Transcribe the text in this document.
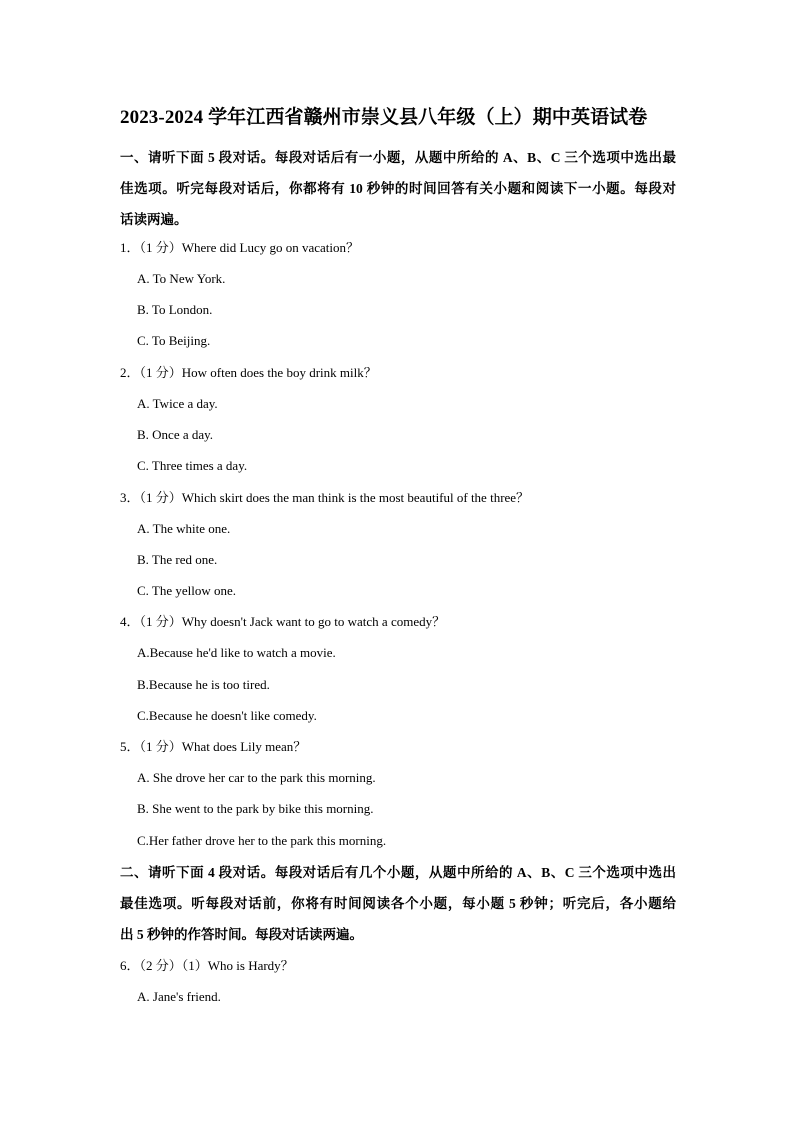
2023-2024 学年江西省赣州市崇义县八年级（上）期中英语试卷
一、请听下面 5 段对话。每段对话后有一小题，从题中所给的 A、B、C 三个选项中选出最
佳选项。听完每段对话后，你都将有 10 秒钟的时间回答有关小题和阅读下一小题。每段对
话读两遍。
1．（1 分）Where did Lucy go on vacation？
A. To New York.
B. To London.
C. To Beijing.
2．（1 分）How often does the boy drink milk？
A. Twice a day.
B. Once a day.
C. Three times a day.
3．（1 分）Which skirt does the man think is the most beautiful of the three？
A. The white one.
B. The red one.
C. The yellow one.
4．（1 分）Why doesn't Jack want to go to watch a comedy？
A.Because he'd like to watch a movie.
B.Because he is too tired.
C.Because he doesn't like comedy.
5．（1 分）What does Lily mean？
A. She drove her car to the park this morning.
B. She went to the park by bike this morning.
C.Her father drove her to the park this morning.
二、请听下面 4 段对话。每段对话后有几个小题，从题中所给的 A、B、C 三个选项中选出
最佳选项。听每段对话前，你将有时间阅读各个小题，每小题 5 秒钟；听完后，各小题给
出 5 秒钟的作答时间。每段对话读两遍。
6．（2 分）（1）Who is Hardy？
A. Jane's friend.
